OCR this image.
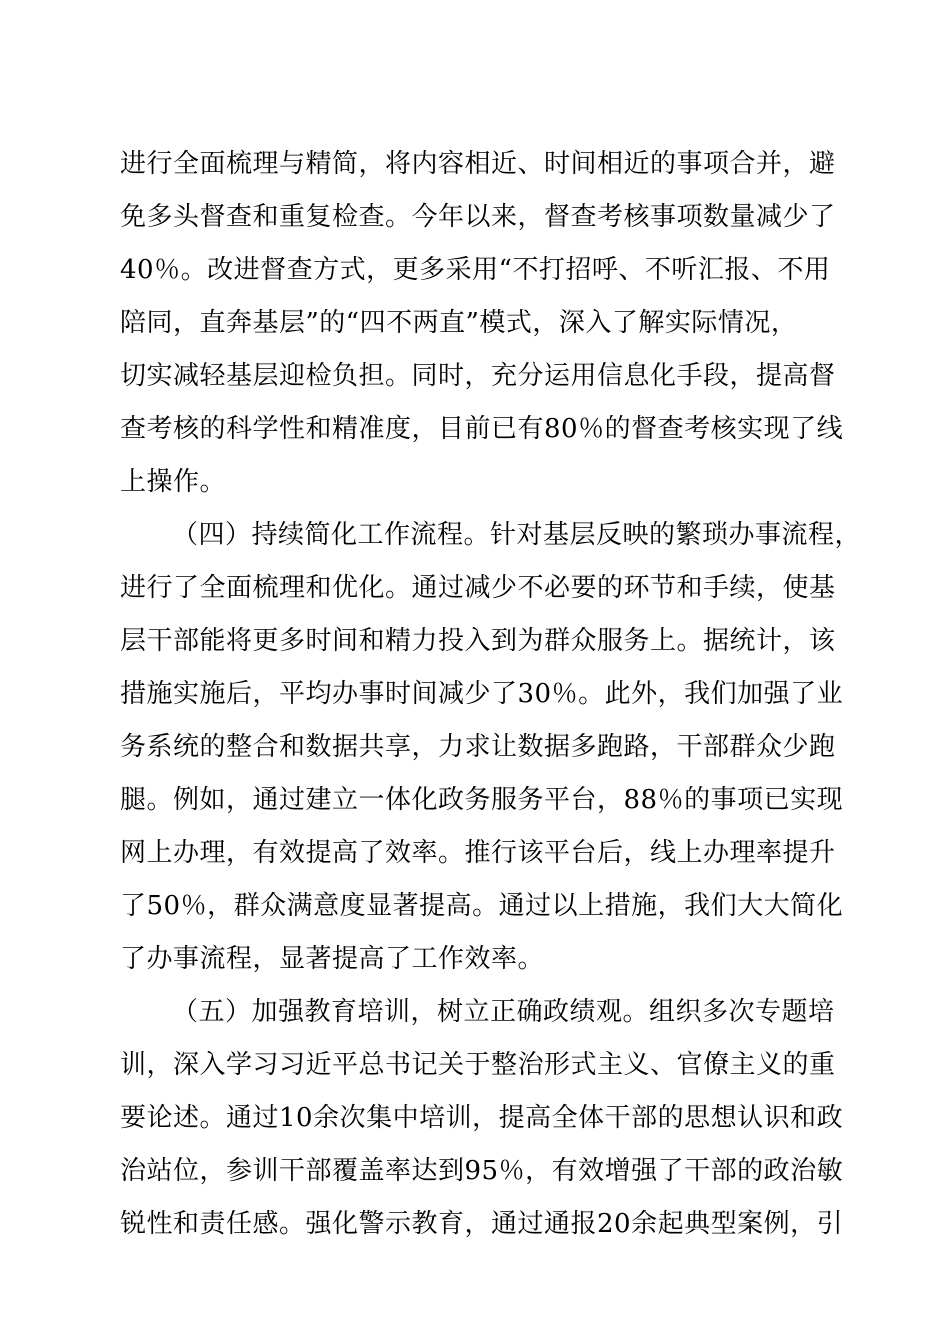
进行全面梳理与精简，将内容相近、时间相近的事项合并，避
免多头督查和重复检查。今年以来，督查考核事项数量减少了
40％。改进督查方式，更多采用“不打招呼、不听汇报、不用
陪同，直奔基层”的“四不两直”模式，深入了解实际情况，
切实减轻基层迎检负担。同时，充分运用信息化手段，提高督
查考核的科学性和精准度，目前已有80％的督查考核实现了线
上操作。
（四）持续简化工作流程。针对基层反映的繁琐办事流程，
进行了全面梳理和优化。通过减少不必要的环节和手续，使基
层干部能将更多时间和精力投入到为群众服务上。据统计，该
措施实施后，平均办事时间减少了30％。此外，我们加强了业
务系统的整合和数据共享，力求让数据多跑路，干部群众少跑
腿。例如，通过建立一体化政务服务平台，88％的事项已实现
网上办理，有效提高了效率。推行该平台后，线上办理率提升
了50％，群众满意度显著提高。通过以上措施，我们大大简化
了办事流程，显著提高了工作效率。
（五）加强教育培训，树立正确政绩观。组织多次专题培
训，深入学习习近平总书记关于整治形式主义、官僚主义的重
要论述。通过10余次集中培训，提高全体干部的思想认识和政
治站位，参训干部覆盖率达到95％，有效增强了干部的政治敏
锐性和责任感。强化警示教育，通过通报20余起典型案例，引
